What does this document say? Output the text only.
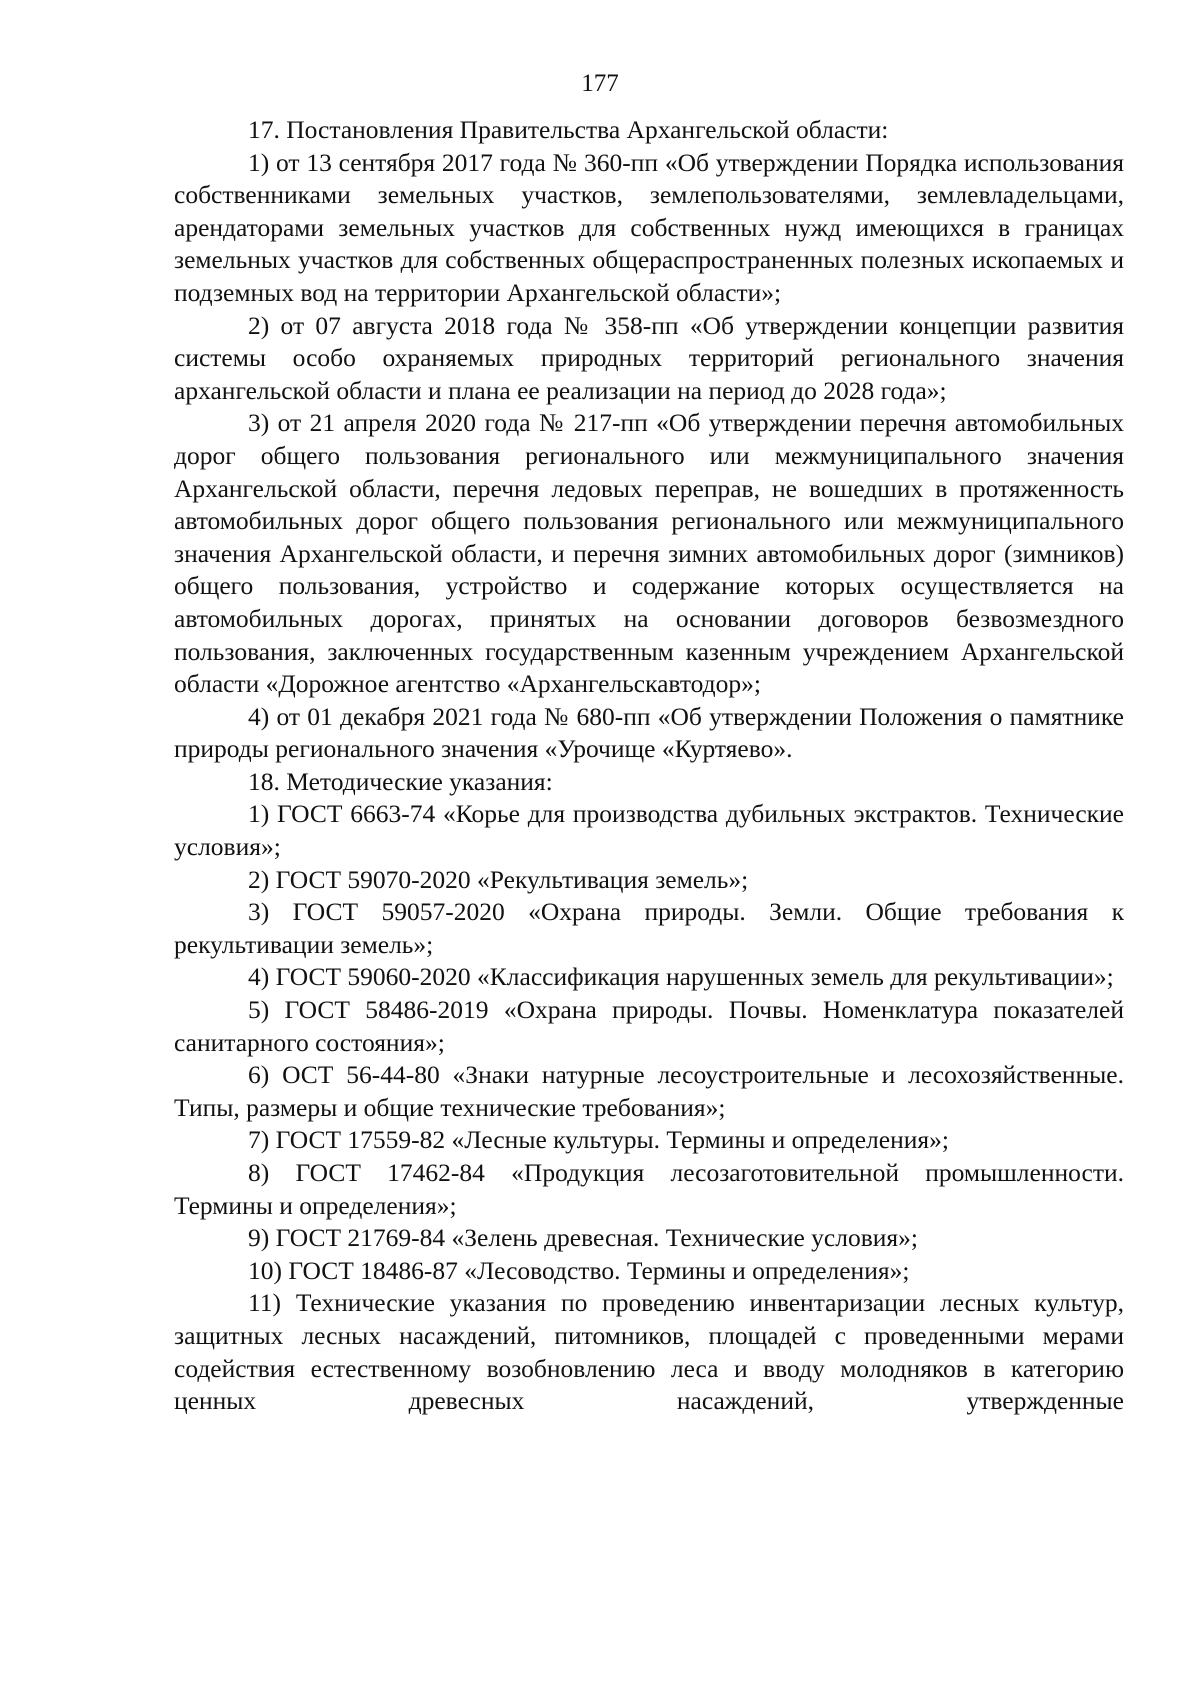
177

17. Постановления Правительства Архангельской области:

1) от 13 сентября 2017 года № 360-пп «Об утверждении Порядка использования собственниками земельных участков, землепользователями, землевладельцами, арендаторами земельных участков для собственных нужд имеющихся в границах земельных участков для собственных общераспространенных полезных ископаемых и подземных вод на территории Архангельской области»;

2) от 07 августа 2018 года № 358-пп «Об утверждении концепции развития системы особо охраняемых природных территорий регионального значения архангельской области и плана ее реализации на период до 2028 года»;

3) от 21 апреля 2020 года № 217-пп «Об утверждении перечня автомобильных дорог общего пользования регионального или межмуниципального значения Архангельской области, перечня ледовых переправ, не вошедших в протяженность автомобильных дорог общего пользования регионального или межмуниципального значения Архангельской области, и перечня зимних автомобильных дорог (зимников) общего пользования, устройство и содержание которых осуществляется на автомобильных дорогах, принятых на основании договоров безвозмездного пользования, заключенных государственным казенным учреждением Архангельской области «Дорожное агентство «Архангельскавтодор»;

4) от 01 декабря 2021 года № 680-пп «Об утверждении Положения о памятнике природы регионального значения «Урочище «Куртяево».

18. Методические указания:

1) ГОСТ 6663-74 «Корье для производства дубильных экстрактов. Технические условия»;

2) ГОСТ 59070-2020 «Рекультивация земель»;

3) ГОСТ 59057-2020 «Охрана природы. Земли. Общие требования к рекультивации земель»;

4) ГОСТ 59060-2020 «Классификация нарушенных земель для рекультивации»;

5) ГОСТ 58486-2019 «Охрана природы. Почвы. Номенклатура показателей санитарного состояния»;

6) ОСТ 56-44-80 «Знаки натурные лесоустроительные и лесохозяйственные. Типы, размеры и общие технические требования»;

7) ГОСТ 17559-82 «Лесные культуры. Термины и определения»;

8) ГОСТ 17462-84 «Продукция лесозаготовительной промышленности. Термины и определения»;

9) ГОСТ 21769-84 «Зелень древесная. Технические условия»;

10) ГОСТ 18486-87 «Лесоводство. Термины и определения»;

11) Технические указания по проведению инвентаризации лесных культур, защитных лесных насаждений, питомников, площадей с проведенными мерами содействия естественному возобновлению леса и вводу молодняков в категорию ценных древесных насаждений, утвержденные
